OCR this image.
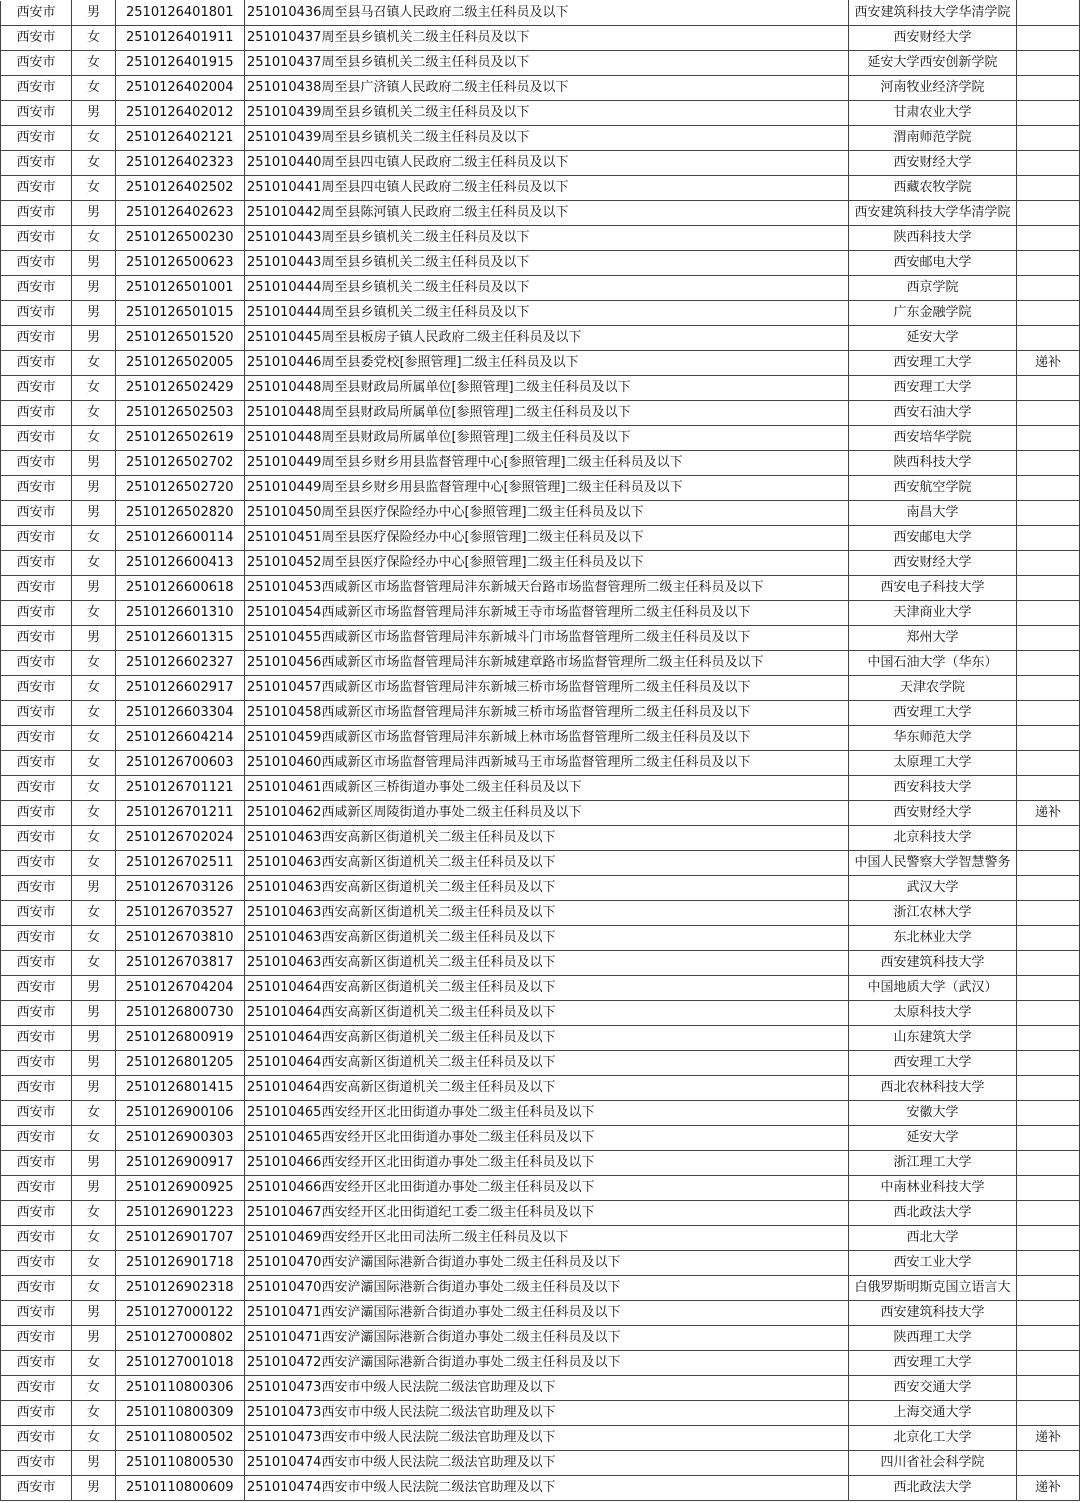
西安市	男	2510126401801	251010436周至县马召镇人民政府二级主任科员及以下	西安建筑科技大学华清学院	
西安市	女	2510126401911	251010437周至县乡镇机关二级主任科员及以下	西安财经大学	
西安市	女	2510126401915	251010437周至县乡镇机关二级主任科员及以下	延安大学西安创新学院	
西安市	女	2510126402004	251010438周至县广济镇人民政府二级主任科员及以下	河南牧业经济学院	
西安市	男	2510126402012	251010439周至县乡镇机关二级主任科员及以下	甘肃农业大学	
西安市	女	2510126402121	251010439周至县乡镇机关二级主任科员及以下	渭南师范学院	
西安市	女	2510126402323	251010440周至县四屯镇人民政府二级主任科员及以下	西安财经大学	
西安市	女	2510126402502	251010441周至县四屯镇人民政府二级主任科员及以下	西藏农牧学院	
西安市	男	2510126402623	251010442周至县陈河镇人民政府二级主任科员及以下	西安建筑科技大学华清学院	
西安市	女	2510126500230	251010443周至县乡镇机关二级主任科员及以下	陕西科技大学	
西安市	男	2510126500623	251010443周至县乡镇机关二级主任科员及以下	西安邮电大学	
西安市	男	2510126501001	251010444周至县乡镇机关二级主任科员及以下	西京学院	
西安市	男	2510126501015	251010444周至县乡镇机关二级主任科员及以下	广东金融学院	
西安市	男	2510126501520	251010445周至县板房子镇人民政府二级主任科员及以下	延安大学	
西安市	女	2510126502005	251010446周至县委党校[参照管理]二级主任科员及以下	西安理工大学	递补
西安市	女	2510126502429	251010448周至县财政局所属单位[参照管理]二级主任科员及以下	西安理工大学	
西安市	女	2510126502503	251010448周至县财政局所属单位[参照管理]二级主任科员及以下	西安石油大学	
西安市	女	2510126502619	251010448周至县财政局所属单位[参照管理]二级主任科员及以下	西安培华学院	
西安市	男	2510126502702	251010449周至县乡财乡用县监督管理中心[参照管理]二级主任科员及以下	陕西科技大学	
西安市	男	2510126502720	251010449周至县乡财乡用县监督管理中心[参照管理]二级主任科员及以下	西安航空学院	
西安市	男	2510126502820	251010450周至县医疗保险经办中心[参照管理]二级主任科员及以下	南昌大学	
西安市	女	2510126600114	251010451周至县医疗保险经办中心[参照管理]二级主任科员及以下	西安邮电大学	
西安市	女	2510126600413	251010452周至县医疗保险经办中心[参照管理]二级主任科员及以下	西安财经大学	
西安市	男	2510126600618	251010453西咸新区市场监督管理局沣东新城天台路市场监督管理所二级主任科员及以下	西安电子科技大学	
西安市	女	2510126601310	251010454西咸新区市场监督管理局沣东新城王寺市场监督管理所二级主任科员及以下	天津商业大学	
西安市	男	2510126601315	251010455西咸新区市场监督管理局沣东新城斗门市场监督管理所二级主任科员及以下	郑州大学	
西安市	女	2510126602327	251010456西咸新区市场监督管理局沣东新城建章路市场监督管理所二级主任科员及以下	中国石油大学（华东）	
西安市	女	2510126602917	251010457西咸新区市场监督管理局沣东新城三桥市场监督管理所二级主任科员及以下	天津农学院	
西安市	女	2510126603304	251010458西咸新区市场监督管理局沣东新城三桥市场监督管理所二级主任科员及以下	西安理工大学	
西安市	女	2510126604214	251010459西咸新区市场监督管理局沣东新城上林市场监督管理所二级主任科员及以下	华东师范大学	
西安市	女	2510126700603	251010460西咸新区市场监督管理局沣西新城马王市场监督管理所二级主任科员及以下	太原理工大学	
西安市	女	2510126701121	251010461西咸新区三桥街道办事处二级主任科员及以下	西安科技大学	
西安市	女	2510126701211	251010462西咸新区周陵街道办事处二级主任科员及以下	西安财经大学	递补
西安市	女	2510126702024	251010463西安高新区街道机关二级主任科员及以下	北京科技大学	
西安市	女	2510126702511	251010463西安高新区街道机关二级主任科员及以下	中国人民警察大学智慧警务	
西安市	男	2510126703126	251010463西安高新区街道机关二级主任科员及以下	武汉大学	
西安市	女	2510126703527	251010463西安高新区街道机关二级主任科员及以下	浙江农林大学	
西安市	女	2510126703810	251010463西安高新区街道机关二级主任科员及以下	东北林业大学	
西安市	女	2510126703817	251010463西安高新区街道机关二级主任科员及以下	西安建筑科技大学	
西安市	男	2510126704204	251010464西安高新区街道机关二级主任科员及以下	中国地质大学（武汉）	
西安市	男	2510126800730	251010464西安高新区街道机关二级主任科员及以下	太原科技大学	
西安市	男	2510126800919	251010464西安高新区街道机关二级主任科员及以下	山东建筑大学	
西安市	男	2510126801205	251010464西安高新区街道机关二级主任科员及以下	西安理工大学	
西安市	男	2510126801415	251010464西安高新区街道机关二级主任科员及以下	西北农林科技大学	
西安市	女	2510126900106	251010465西安经开区北田街道办事处二级主任科员及以下	安徽大学	
西安市	女	2510126900303	251010465西安经开区北田街道办事处二级主任科员及以下	延安大学	
西安市	男	2510126900917	251010466西安经开区北田街道办事处二级主任科员及以下	浙江理工大学	
西安市	男	2510126900925	251010466西安经开区北田街道办事处二级主任科员及以下	中南林业科技大学	
西安市	女	2510126901223	251010467西安经开区北田街道纪工委二级主任科员及以下	西北政法大学	
西安市	女	2510126901707	251010469西安经开区北田司法所二级主任科员及以下	西北大学	
西安市	女	2510126901718	251010470西安浐灞国际港新合街道办事处二级主任科员及以下	西安工业大学	
西安市	女	2510126902318	251010470西安浐灞国际港新合街道办事处二级主任科员及以下	白俄罗斯明斯克国立语言大	
西安市	男	2510127000122	251010471西安浐灞国际港新合街道办事处二级主任科员及以下	西安建筑科技大学	
西安市	男	2510127000802	251010471西安浐灞国际港新合街道办事处二级主任科员及以下	陕西理工大学	
西安市	女	2510127001018	251010472西安浐灞国际港新合街道办事处二级主任科员及以下	西安理工大学	
西安市	女	2510110800306	251010473西安市中级人民法院二级法官助理及以下	西安交通大学	
西安市	女	2510110800309	251010473西安市中级人民法院二级法官助理及以下	上海交通大学	
西安市	女	2510110800502	251010473西安市中级人民法院二级法官助理及以下	北京化工大学	递补
西安市	男	2510110800530	251010474西安市中级人民法院二级法官助理及以下	四川省社会科学院	
西安市	男	2510110800609	251010474西安市中级人民法院二级法官助理及以下	西北政法大学	递补
